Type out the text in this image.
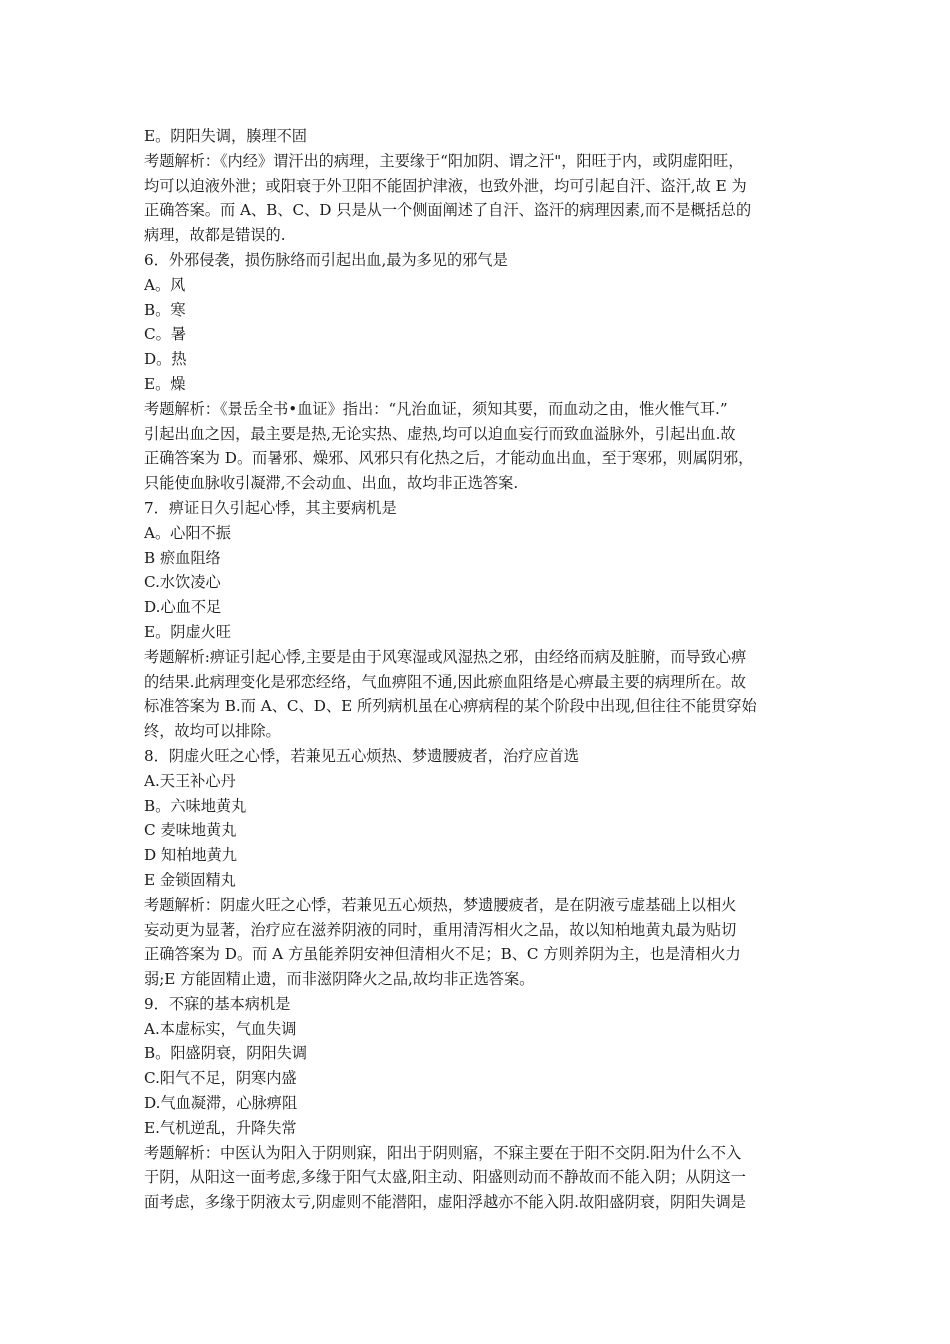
E。阴阳失调，腠理不固
考题解析：《内经》谓汗出的病理，主要缘于“阳加阴、谓之汗"，阳旺于内，或阴虚阳旺，
均可以迫液外泄；或阳衰于外卫阳不能固护津液，也致外泄，均可引起自汗、盗汗,故 E 为
正确答案。而 A、B、C、D 只是从一个侧面阐述了自汗、盗汗的病理因素,而不是概括总的
病理，故都是错误的.
6．外邪侵袭，损伤脉络而引起出血,最为多见的邪气是
A。风
B。寒
C。暑
D。热
E。燥
考题解析：《景岳全书•血证》指出：“凡治血证，须知其要，而血动之由，惟火惟气耳.”
引起出血之因，最主要是热,无论实热、虚热,均可以迫血妄行而致血溢脉外，引起出血.故
正确答案为 D。而暑邪、燥邪、风邪只有化热之后，才能动血出血，至于寒邪，则属阴邪，
只能使血脉收引凝滞,不会动血、出血，故均非正选答案.
7．痹证日久引起心悸，其主要病机是
A。心阳不振
B 瘀血阻络
C.水饮凌心
D.心血不足
E。阴虚火旺
考题解析:痹证引起心悸,主要是由于风寒湿或风湿热之邪，由经络而病及脏腑，而导致心痹
的结果.此病理变化是邪恋经络，气血痹阻不通,因此瘀血阻络是心痹最主要的病理所在。故
标准答案为 B.而 A、C、D、E 所列病机虽在心痹病程的某个阶段中出现,但往往不能贯穿始
终，故均可以排除。
8．阴虚火旺之心悸，若兼见五心烦热、梦遗腰疲者，治疗应首选
A.天王补心丹
B。六味地黄丸
C 麦味地黄丸
D 知柏地黄九
E 金锁固精丸
考题解析：阴虚火旺之心悸，若兼见五心烦热，梦遗腰疲者，是在阴液亏虚基础上以相火
妄动更为显著，治疗应在滋养阴液的同时，重用清泻相火之品，故以知柏地黄丸最为贴切
正确答案为 D。而 A 方虽能养阴安神但清相火不足；B、C 方则养阴为主，也是清相火力
弱;E 方能固精止遗，而非滋阴降火之品,故均非正选答案。
9．不寐的基本病机是
A.本虚标实，气血失调
B。阳盛阴衰，阴阳失调
C.阳气不足，阴寒内盛
D.气血凝滞，心脉痹阻
E.气机逆乱，升降失常
考题解析：中医认为阳入于阴则寐，阳出于阴则寤，不寐主要在于阳不交阴.阳为什么不入
于阴，从阳这一面考虑,多缘于阳气太盛,阳主动、阳盛则动而不静故而不能入阴；从阴这一
面考虑，多缘于阴液太亏,阴虚则不能潜阳，虚阳浮越亦不能入阴.故阳盛阴衰，阴阳失调是
